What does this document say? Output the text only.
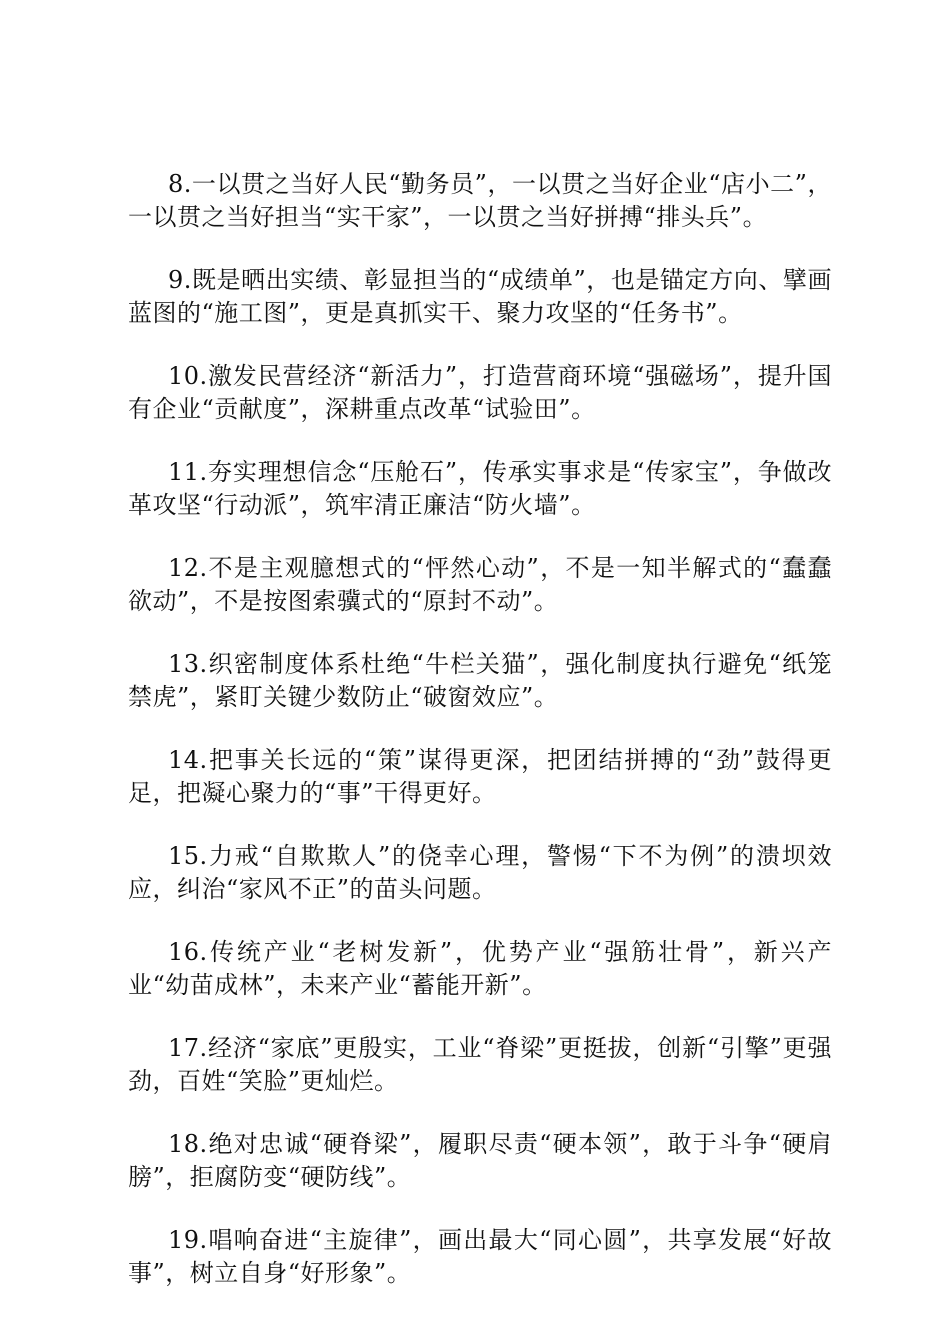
8.一以贯之当好人民“勤务员”，一以贯之当好企业“店小二”，一以贯之当好担当“实干家”，一以贯之当好拼搏“排头兵”。

9.既是晒出实绩、彰显担当的“成绩单”，也是锚定方向、擘画蓝图的“施工图”，更是真抓实干、聚力攻坚的“任务书”。

10.激发民营经济“新活力”，打造营商环境“强磁场”，提升国有企业“贡献度”，深耕重点改革“试验田”。

11.夯实理想信念“压舱石”，传承实事求是“传家宝”，争做改革攻坚“行动派”，筑牢清正廉洁“防火墙”。

12.不是主观臆想式的“怦然心动”，不是一知半解式的“蠢蠢欲动”，不是按图索骥式的“原封不动”。

13.织密制度体系杜绝“牛栏关猫”，强化制度执行避免“纸笼禁虎”，紧盯关键少数防止“破窗效应”。

14.把事关长远的“策”谋得更深，把团结拼搏的“劲”鼓得更足，把凝心聚力的“事”干得更好。

15.力戒“自欺欺人”的侥幸心理，警惕“下不为例”的溃坝效应，纠治“家风不正”的苗头问题。

16.传统产业“老树发新”，优势产业“强筋壮骨”，新兴产业“幼苗成林”，未来产业“蓄能开新”。

17.经济“家底”更殷实，工业“脊梁”更挺拔，创新“引擎”更强劲，百姓“笑脸”更灿烂。

18.绝对忠诚“硬脊梁”，履职尽责“硬本领”，敢于斗争“硬肩膀”，拒腐防变“硬防线”。

19.唱响奋进“主旋律”，画出最大“同心圆”，共享发展“好故事”，树立自身“好形象”。
